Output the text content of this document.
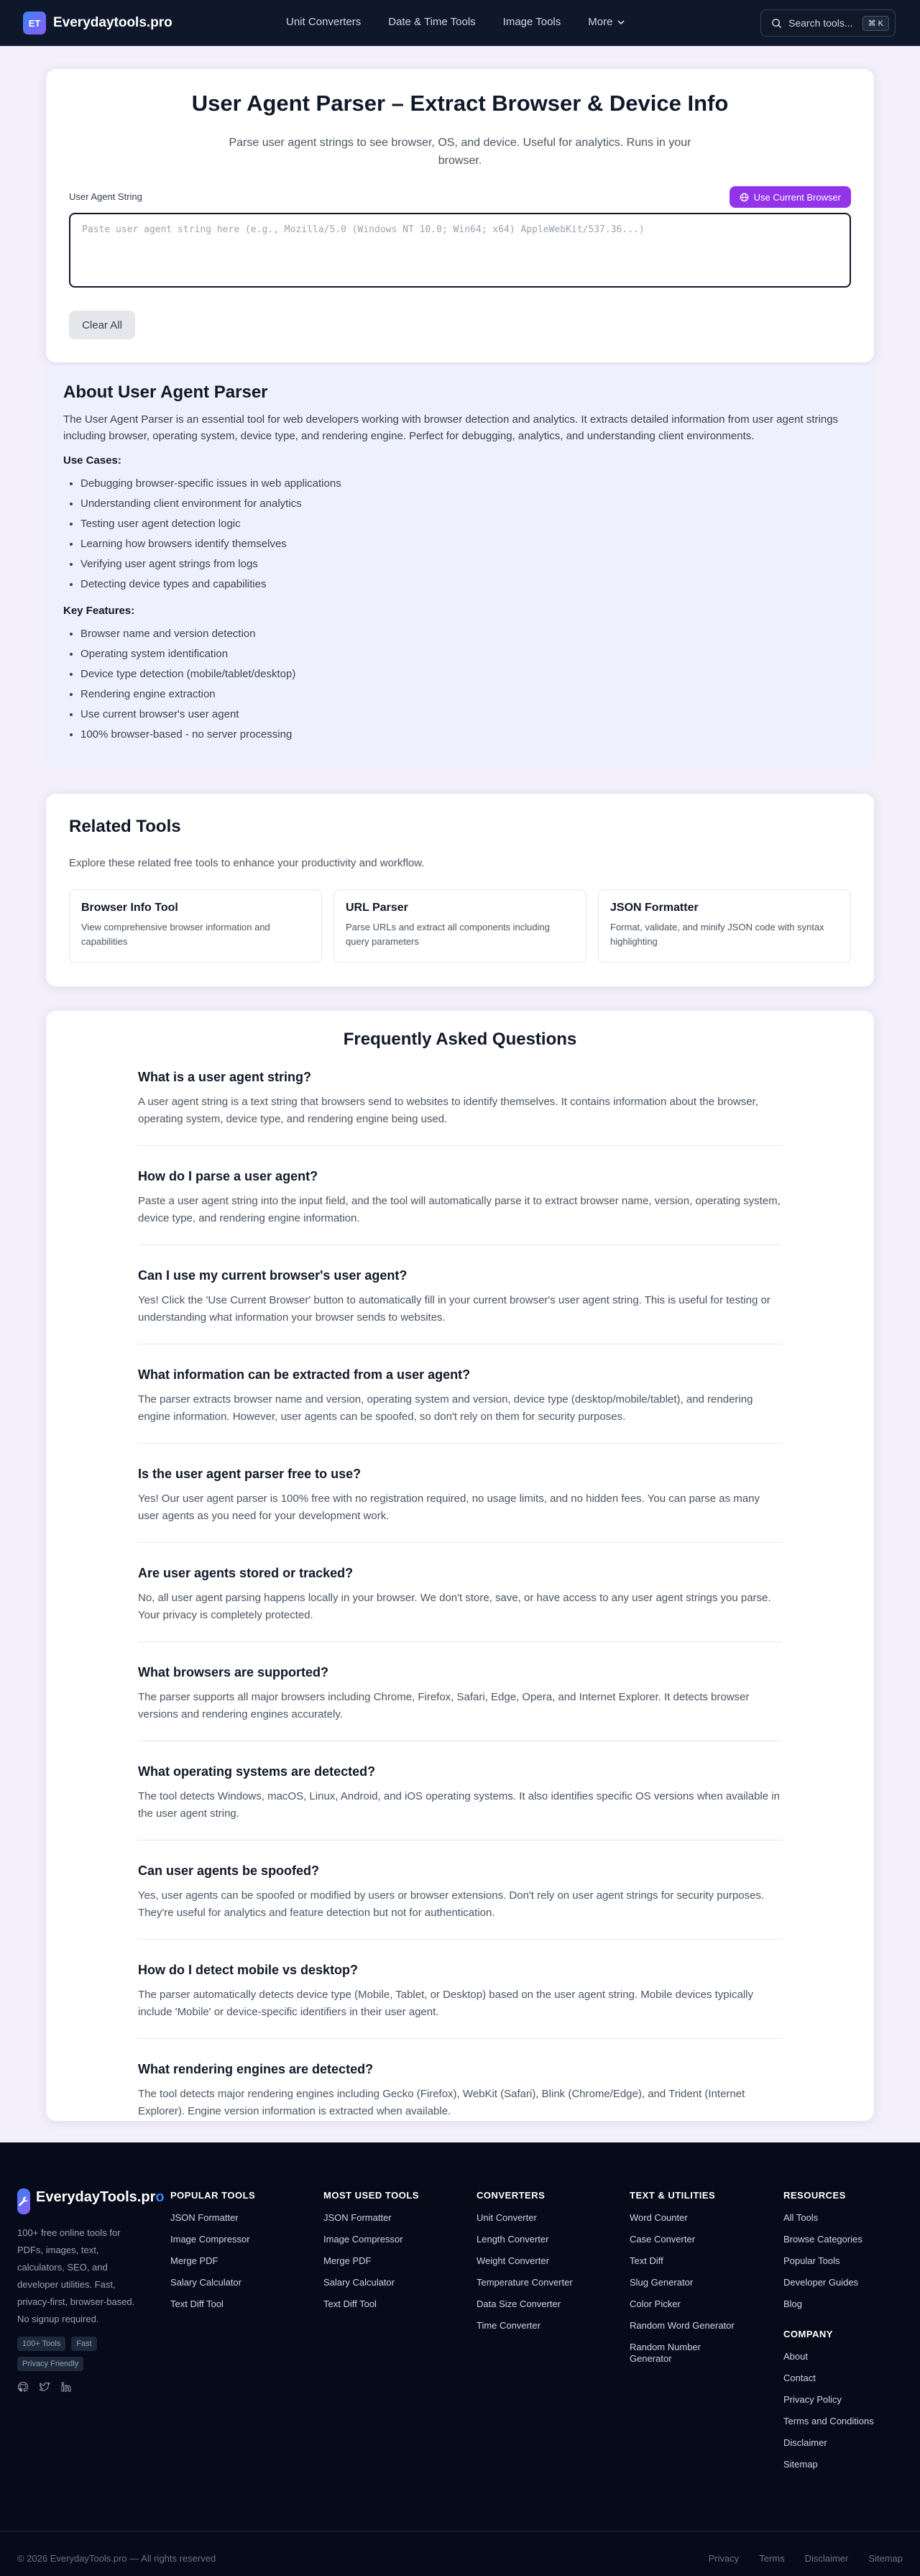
ET Everydaytools.pro	Unit Converters	Date & Time Tools	Image Tools	More	Search tools...	⌘ K
User Agent Parser – Extract Browser & Device Info

Parse user agent strings to see browser, OS, and device. Useful for analytics. Runs in your browser.

User Agent String	Use Current Browser
Paste user agent string here (e.g., Mozilla/5.0 (Windows NT 10.0; Win64; x64) AppleWebKit/537.36...)
Clear All
About User Agent Parser

The User Agent Parser is an essential tool for web developers working with browser detection and analytics. It extracts detailed information from user agent strings including browser, operating system, device type, and rendering engine. Perfect for debugging, analytics, and understanding client environments.

Use Cases:
• Debugging browser-specific issues in web applications
• Understanding client environment for analytics
• Testing user agent detection logic
• Learning how browsers identify themselves
• Verifying user agent strings from logs
• Detecting device types and capabilities
Key Features:
• Browser name and version detection
• Operating system identification
• Device type detection (mobile/tablet/desktop)
• Rendering engine extraction
• Use current browser's user agent
• 100% browser-based - no server processing
Related Tools

Explore these related free tools to enhance your productivity and workflow.

Browser Info Tool
View comprehensive browser information and capabilities
URL Parser
Parse URLs and extract all components including query parameters
JSON Formatter
Format, validate, and minify JSON code with syntax highlighting
Frequently Asked Questions
What is a user agent string?
A user agent string is a text string that browsers send to websites to identify themselves. It contains information about the browser, operating system, device type, and rendering engine being used.
How do I parse a user agent?
Paste a user agent string into the input field, and the tool will automatically parse it to extract browser name, version, operating system, device type, and rendering engine information.
Can I use my current browser's user agent?
Yes! Click the 'Use Current Browser' button to automatically fill in your current browser's user agent string. This is useful for testing or understanding what information your browser sends to websites.
What information can be extracted from a user agent?
The parser extracts browser name and version, operating system and version, device type (desktop/mobile/tablet), and rendering engine information. However, user agents can be spoofed, so don't rely on them for security purposes.
Is the user agent parser free to use?
Yes! Our user agent parser is 100% free with no registration required, no usage limits, and no hidden fees. You can parse as many user agents as you need for your development work.
Are user agents stored or tracked?
No, all user agent parsing happens locally in your browser. We don't store, save, or have access to any user agent strings you parse. Your privacy is completely protected.
What browsers are supported?
The parser supports all major browsers including Chrome, Firefox, Safari, Edge, Opera, and Internet Explorer. It detects browser versions and rendering engines accurately.
What operating systems are detected?
The tool detects Windows, macOS, Linux, Android, and iOS operating systems. It also identifies specific OS versions when available in the user agent string.
Can user agents be spoofed?
Yes, user agents can be spoofed or modified by users or browser extensions. Don't rely on user agent strings for security purposes. They're useful for analytics and feature detection but not for authentication.
How do I detect mobile vs desktop?
The parser automatically detects device type (Mobile, Tablet, or Desktop) based on the user agent string. Mobile devices typically include 'Mobile' or device-specific identifiers in their user agent.
What rendering engines are detected?
The tool detects major rendering engines including Gecko (Firefox), WebKit (Safari), Blink (Chrome/Edge), and Trident (Internet Explorer). Engine version information is extracted when available.
EverydayTools.pro

100+ free online tools for PDFs, images, text, calculators, SEO, and developer utilities. Fast, privacy-first, browser-based. No signup required.

100+ Tools	Fast
Privacy Friendly
POPULAR TOOLS
JSON Formatter
Image Compressor
Merge PDF
Salary Calculator
Text Diff Tool
MOST USED TOOLS
JSON Formatter
Image Compressor
Merge PDF
Salary Calculator
Text Diff Tool
CONVERTERS
Unit Converter
Length Converter
Weight Converter
Temperature Converter
Data Size Converter
Time Converter
TEXT & UTILITIES
Word Counter
Case Converter
Text Diff
Slug Generator
Color Picker
Random Word Generator
Random Number Generator
RESOURCES
All Tools
Browse Categories
Popular Tools
Developer Guides
Blog
COMPANY
About
Contact
Privacy Policy
Terms and Conditions
Disclaimer
Sitemap
© 2026 EverydayTools.pro — All rights reserved	Privacy Terms Disclaimer Sitemap
